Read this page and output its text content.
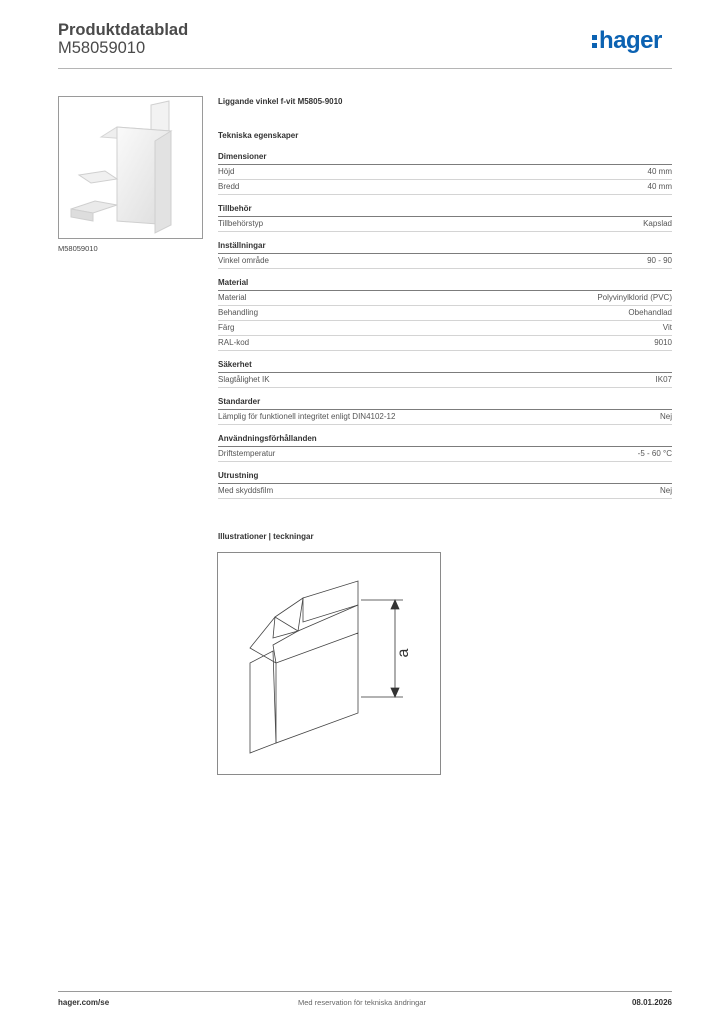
Produktdatablad
M58059010	hager
M58059010
Liggande vinkel f-vit M5805-9010
Tekniska egenskaper
Dimensioner
Höjd	40 mm
Bredd	40 mm
Tillbehör
Tillbehörstyp	Kapslad
Inställningar
Vinkel område	90 - 90
Material
Material	Polyvinylklorid (PVC)
Behandling	Obehandlad
Färg	Vit
RAL-kod	9010
Säkerhet
Slagtålighet IK	IK07
Standarder
Lämplig för funktionell integritet enligt DIN4102-12	Nej
Användningsförhållanden
Driftstemperatur	-5 - 60 °C
Utrustning
Med skyddsfilm	Nej
Illustrationer | teckningar
a
Med reservation för tekniska ändringar
hager.com/se	08.01.2026
